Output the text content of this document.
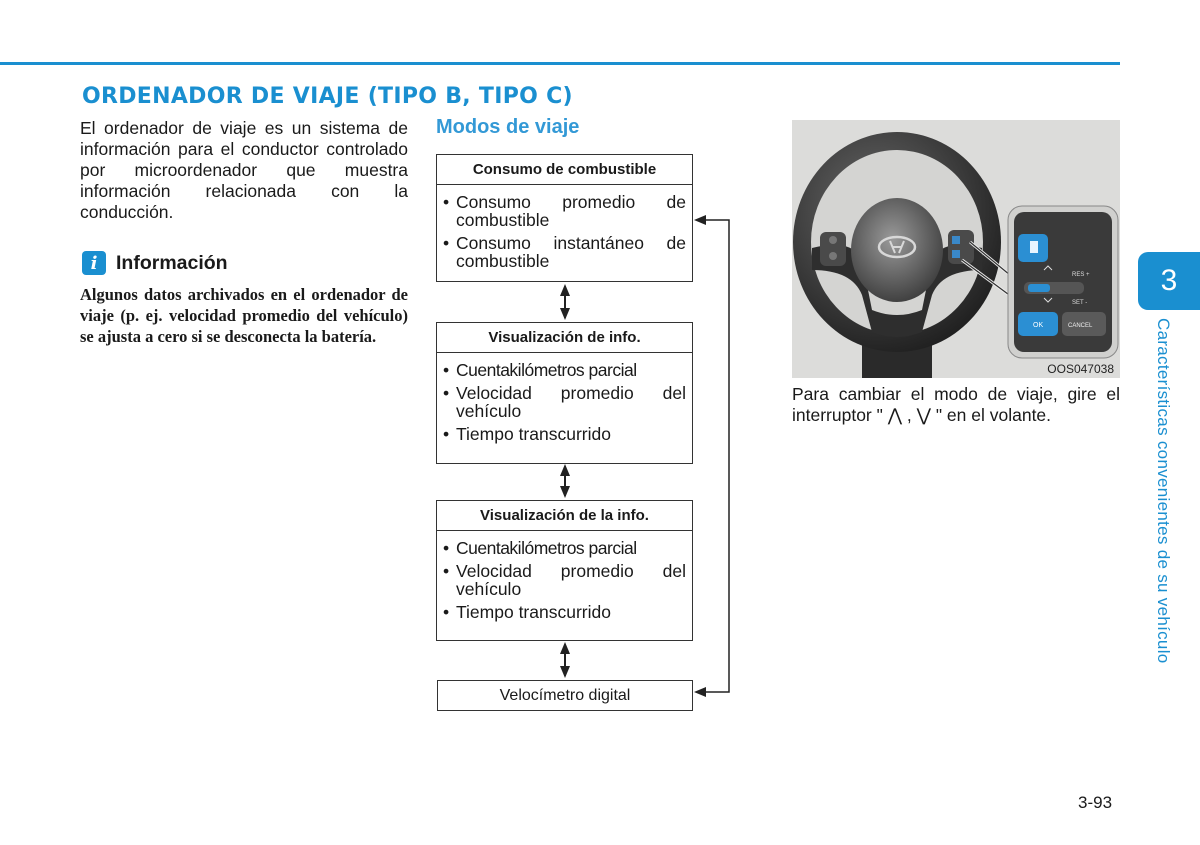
ORDENADOR DE VIAJE (TIPO B, TIPO C)

El ordenador de viaje es un sistema de información para el conductor controlado por microordenador que muestra información relacionada con la conducción.

i Información

Algunos datos archivados en el ordenador de viaje (p. ej. velocidad promedio del vehículo) se ajusta a cero si se desconecta la batería.

Modos de viaje
Consumo de combustible
• Consumo promedio de combustible
• Consumo instantáneo de combustible
Visualización de info.
• Cuentakilómetros parcial
• Velocidad promedio del vehículo
• Tiempo transcurrido
Visualización de la info.
• Cuentakilómetros parcial
• Velocidad promedio del vehículo
• Tiempo transcurrido
Velocímetro digital
RES +
SET -
OK	CANCEL
OOS047038

Para cambiar el modo de viaje, gire el interruptor " ⋀ , ⋁ " en el volante.

3
Características convenientes de su vehículo
3-93
